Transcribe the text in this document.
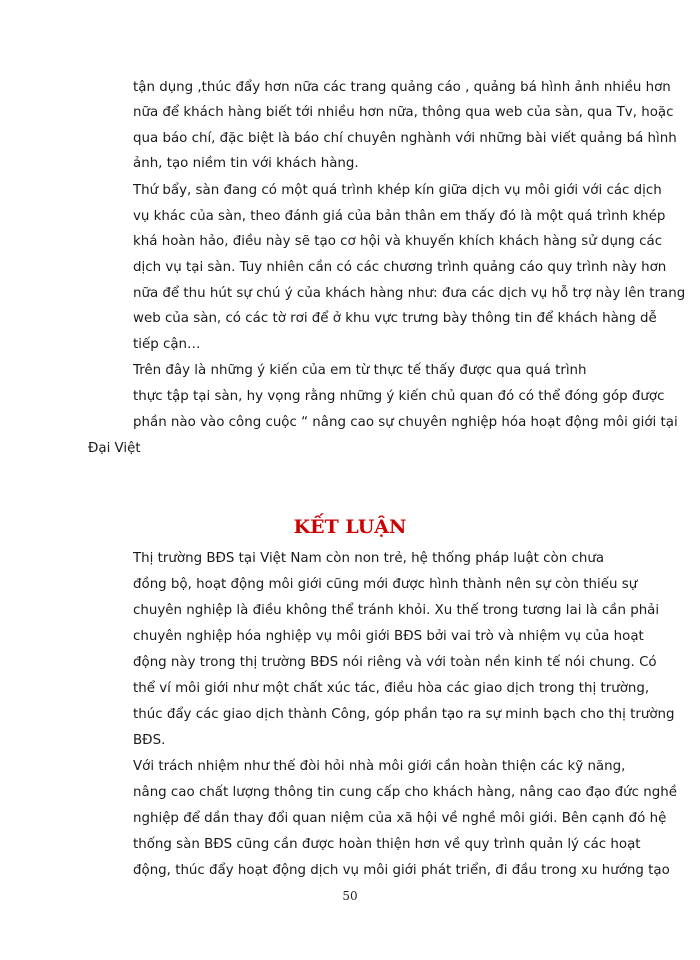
tận dụng ,thúc đẩy hơn nữa các trang quảng cáo , quảng bá hình ảnh nhiều hơn
nữa để khách hàng biết tới nhiều hơn nữa, thông qua web của sàn, qua Tv, hoặc
qua báo chí, đặc biệt là báo chí chuyên nghành với những bài viết quảng bá hình
ảnh, tạo niềm tin với khách hàng.
Thứ bẩy, sàn đang có một quá trình khép kín giữa dịch vụ môi giới với các dịch
vụ khác của sàn, theo đánh giá của bản thân em thấy đó là một quá trình khép
khá hoàn hảo, điều này sẽ tạo cơ hội và khuyến khích khách hàng sử dụng các
dịch vụ tại sàn. Tuy nhiên cần có các chương trình quảng cáo quy trình này hơn
nữa để thu hút sự chú ý của khách hàng như: đưa các dịch vụ hỗ trợ này lên trang
web của sàn, có các tờ rơi để ở khu vực trưng bày thông tin để khách hàng dễ
tiếp cận…
Trên đây là những ý kiến của em từ thực tế thấy được qua quá trình
thực tập tại sàn, hy vọng rằng những ý kiến chủ quan đó có thể đóng góp được
phần nào vào công cuộc “ nâng cao sự chuyên nghiệp hóa hoạt động môi giới tại
Đại Việt
KẾT LUẬN
Thị trường BĐS tại Việt Nam còn non trẻ, hệ thống pháp luật còn chưa
đồng bộ, hoạt động môi giới cũng mới được hình thành nên sự còn thiếu sự
chuyên nghiệp là điều không thể tránh khỏi. Xu thế trong tương lai là cần phải
chuyên nghiệp hóa nghiệp vụ môi giới BĐS bởi vai trò và nhiệm vụ của hoạt
động này trong thị trường BĐS nói riêng và với toàn nền kinh tế nói chung. Có
thể ví môi giới như một chất xúc tác, điều hòa các giao dịch trong thị trường,
thúc đẩy các giao dịch thành Công, góp phần tạo ra sự minh bạch cho thị trường
BĐS.
Với trách nhiệm như thế đòi hỏi nhà môi giới cần hoàn thiện các kỹ năng,
nâng cao chất lượng thông tin cung cấp cho khách hàng, nâng cao đạo đức nghề
nghiệp để dần thay đổi quan niệm của xã hội về nghề môi giới. Bên cạnh đó hệ
thống sàn BĐS cũng cần được hoàn thiện hơn về quy trình quản lý các hoạt
động, thúc đẩy hoạt động dịch vụ môi giới phát triển, đi đầu trong xu hướng tạo
50
